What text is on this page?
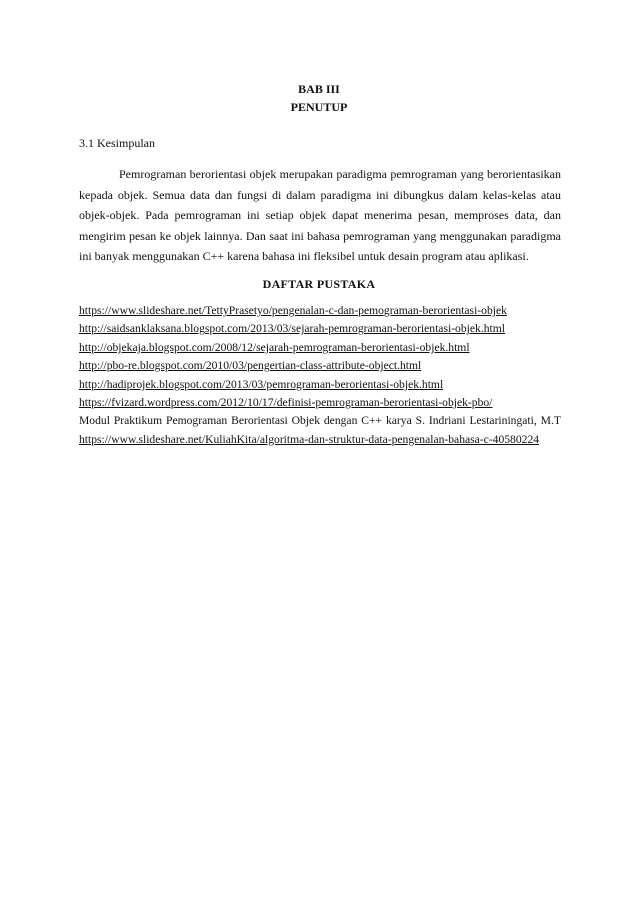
BAB III
PENUTUP
3.1 Kesimpulan
Pemrograman berorientasi objek merupakan paradigma pemrograman yang berorientasikan kepada objek. Semua data dan fungsi di dalam paradigma ini dibungkus dalam kelas-kelas atau objek-objek. Pada pemrograman ini setiap objek dapat menerima pesan, memproses data, dan mengirim pesan ke objek lainnya. Dan saat ini bahasa pemrograman yang menggunakan paradigma ini banyak menggunakan C++ karena bahasa ini fleksibel untuk desain program atau aplikasi.
DAFTAR PUSTAKA
https://www.slideshare.net/TettyPrasetyo/pengenalan-c-dan-pemograman-berorientasi-objek
http://saidsanklaksana.blogspot.com/2013/03/sejarah-pemrograman-berorientasi-objek.html
http://objekaja.blogspot.com/2008/12/sejarah-pemrograman-berorientasi-objek.html
http://pbo-re.blogspot.com/2010/03/pengertian-class-attribute-object.html
http://hadiprojek.blogspot.com/2013/03/pemrograman-berorientasi-objek.html
https://fvizard.wordpress.com/2012/10/17/definisi-pemrograman-berorientasi-objek-pbo/
Modul Praktikum Pemograman Berorientasi Objek dengan C++ karya S. Indriani Lestariningati, M.T
https://www.slideshare.net/KuliahKita/algoritma-dan-struktur-data-pengenalan-bahasa-c-40580224
